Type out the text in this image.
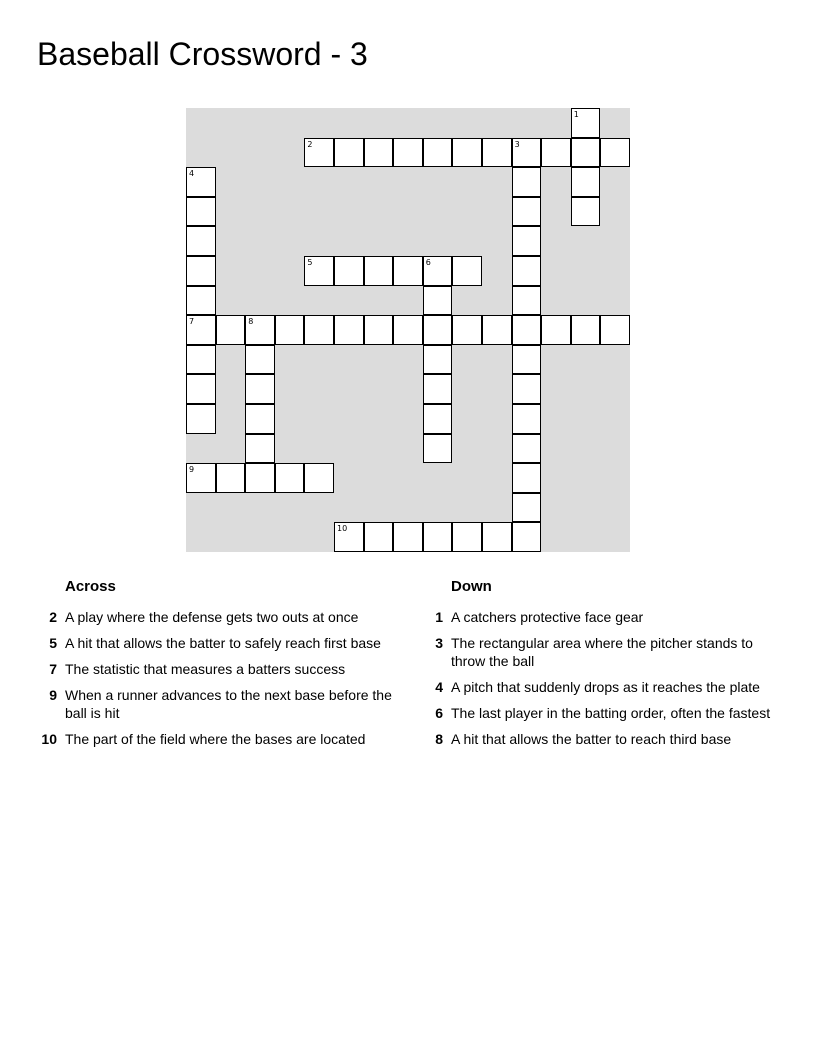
Baseball Crossword - 3
1
2	3
4
7
5	6
8
9
10
Across
2 A play where the defense gets two outs at once
5 A hit that allows the batter to safely reach first base
7 The statistic that measures a batters success
9 When a runner advances to the next base before the ball is hit
10 The part of the field where the bases are located
Down
1 A catchers protective face gear
3 The rectangular area where the pitcher stands to throw the ball
4 A pitch that suddenly drops as it reaches the plate
6 The last player in the batting order, often the fastest
8 A hit that allows the batter to reach third base
